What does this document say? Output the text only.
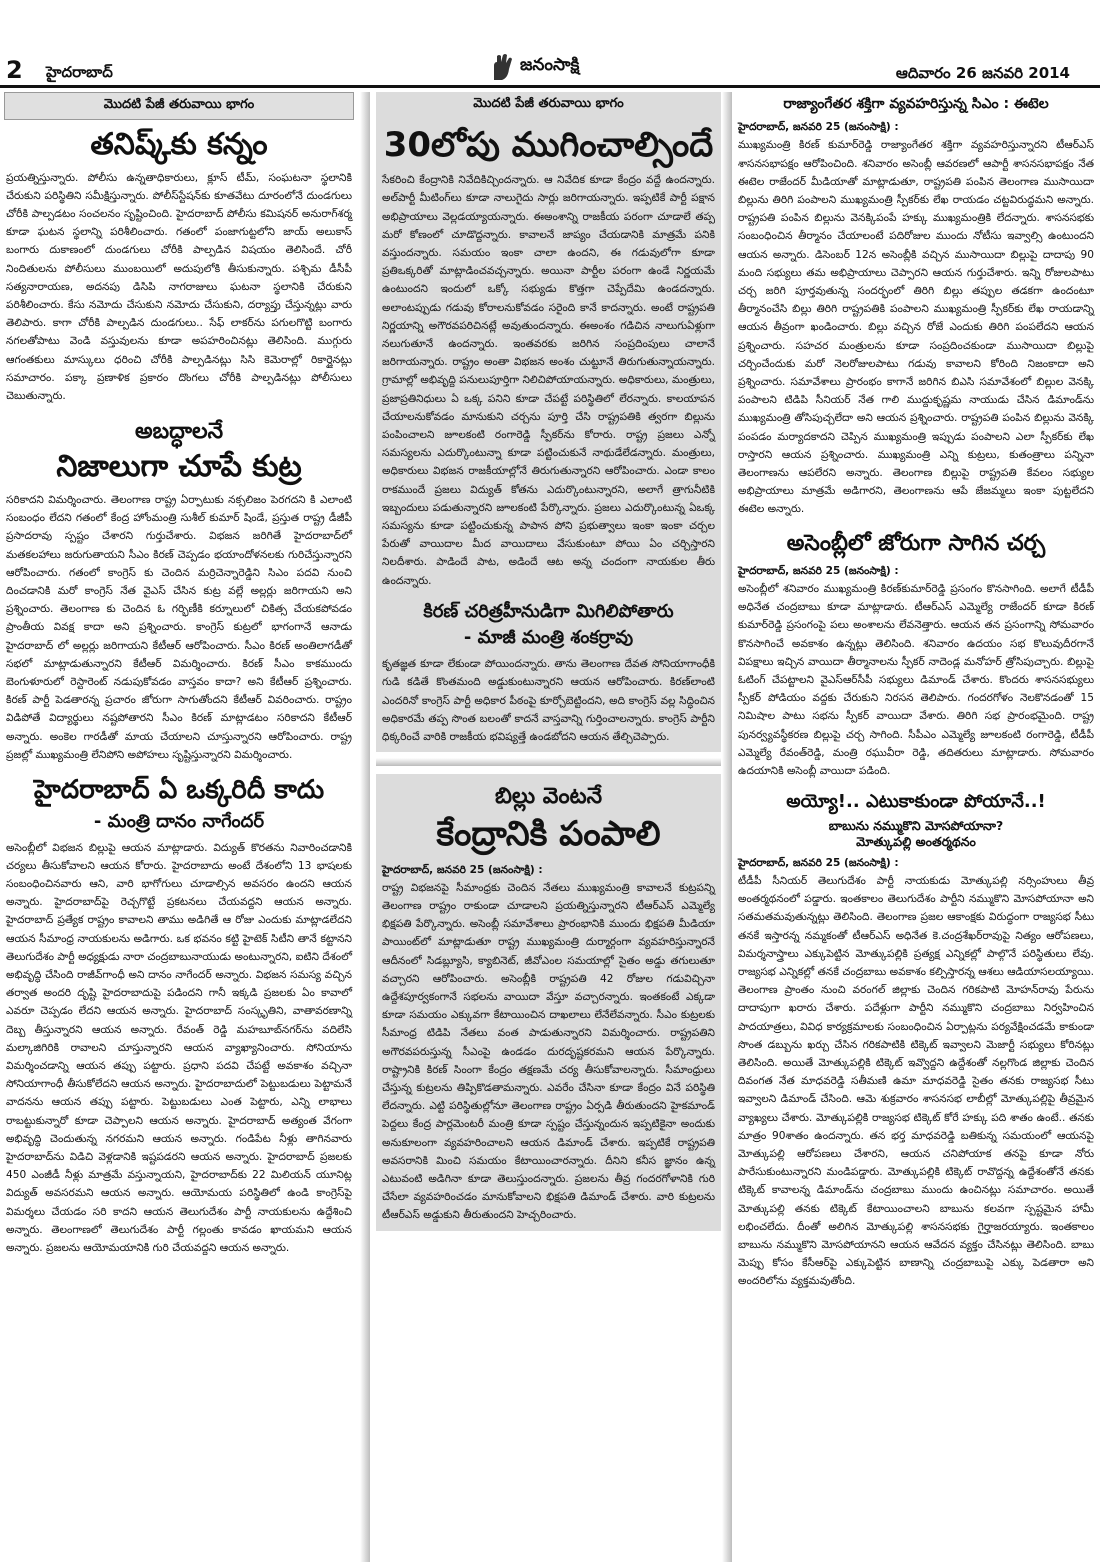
2 హైదరాబాద్	జనంసాక్షి	ఆదివారం 26 జనవరి 2014
మొదటి పేజీ తరువాయి భాగం
తనిష్క్‌కు కన్నం
ప్రయత్నిస్తున్నారు. పోలీసు ఉన్నతాధికారులు, క్లూస్ టీమ్, సంఘటనా స్థలానికి చేరుకుని పరిస్థితిని సమీక్షిస్తున్నారు. పోలీస్‌స్టేషన్‌కు కూతవేటు దూరంలోనే దుండగులు చోరీకి పాల్పడటం సంచలనం సృష్టించింది. హైదరాబాద్ పోలీసు కమిషనర్ అనురాగ్‌శర్మ కూడా ఘటన స్థలాన్ని పరిశీలించారు. గతంలో పంజాగుట్టలోని జాయ్ అలుకాస్ బంగారు దుకాణంలో దుండగులు చోరీకి పాల్పడిన విషయం తెలిసిందే. చోరీ నిందితులను పోలీసులు ముంబయిలో అదుపులోకి తీసుకున్నారు. పశ్చిమ డీసీపీ సత్యనారాయణ, అదనపు డిసిపి నాగరాజులు ఘటనా స్థలానికి చేరుకుని పరిశీలించారు. కేసు నమోదు చేసుకుని నమోదు చేసుకుని, దర్యాప్తు చేస్తున్నట్లు వారు తెలిపారు. కాగా చోరీకి పాల్పడిన దుండగులు.. సేఫ్ లాకర్‌ను పగులగొట్టి బంగారు నగలతోపాటు వెండి వస్తువులను కూడా అపహరించినట్లు తెలిసింది. ముగ్గురు ఆగంతకులు మాస్కులు ధరించి చోరీకి పాల్పడినట్లు సిసి కెమెరాల్లో రికార్డైనట్లు సమాచారం. పక్కా ప్రణాళిక ప్రకారం దొంగలు చోరీకి పాల్పడినట్లు పోలీసులు చెబుతున్నారు.
అబద్ధాలనే
నిజాలుగా చూపే కుట్ర
సరికాదని విమర్శించారు. తెలంగాణ రాష్ట్ర ఏర్పాటుకు నక్సలిజం పెరగదని కి ఎలాంటి సంబంధం లేదని గతంలో కేంద్ర హోంమంత్రి సుశీల్ కుమార్ షిండే, ప్రస్తుత రాష్ట్ర డీజీపీ ప్రసాదరావు స్పష్టం చేశారని గుర్తుచేశారు. విభజన జరిగితే హైదరాబాద్‌లో మతకలహాలు జరుగుతాయని సీఎం కిరణ్ చెప్పడం భయాందోళనలకు గురిచేస్తున్నారని ఆరోపించారు. గతంలో కాంగ్రెస్ కు చెందిన మర్రిచెన్నారెడ్డిని సిఎం పదవి నుంచి దించడానికి మరో కాంగ్రెస్ నేత వైఎస్ చేసిన కుట్ర వల్లే అల్లర్లు జరిగాయని అని ప్రశ్నించారు. తెలంగాణ కు చెందిన ఓ గర్భిణీకి కర్నూలులో చికిత్స చేయకపోవడం ప్రాంతీయ వివక్ష కాదా అని ప్రశ్నించారు. కాంగ్రెస్ కుట్రలో భాగంగానే ఆనాడు హైదరాబాద్ లో అల్లర్లు జరిగాయని కేటీఆర్ ఆరోపించారు. సీఎం కిరణ్ అంతిలాగడీతో సభలో మాట్లాడుతున్నారని కేటీఆర్ విమర్శించారు. కిరణ్ సీఎం కాకముందు బెంగుళూరులో రెస్టారెంట్ నడుపుకోవడం వాస్తవం కాదా? అని కేటీఆర్ ప్రశ్నించారు. కిరణ్ పార్టీ పెడతారన్న ప్రచారం జోరుగా సాగుతోందని కేటీఆర్ వివరించారు. రాష్ట్రం విడిపోతే విద్యార్థులు నష్టపోతారని సీఎం కిరణ్ మాట్లాడటం సరికాదని కేటీఆర్ అన్నారు. అంకెల గారడీతో మాయ చేయాలని చూస్తున్నారని ఆరోపించారు. రాష్ట్ర ప్రజల్లో ముఖ్యమంత్రి లేనిపోని అపోహలు సృష్టిస్తున్నారని విమర్శించారు.
హైదరాబాద్ ఏ ఒక్కరిదీ కాదు
- మంత్రి దానం నాగేందర్
అసెంబ్లీలో విభజన బిల్లుపై ఆయన మాట్లాడారు. విద్యుత్ కొరతను నివారించడానికి చర్యలు తీసుకోవాలని ఆయన కోరారు. హైదరాబాదు అంటే దేశంలోని 13 భాషలకు సంబంధించినవారు ఆని, వారి భాగోగులు చూడాల్సిన అవసరం ఉందని ఆయన అన్నారు. హైదరాబాద్‌పై రెచ్చగొట్టే ప్రకటనలు చేయవద్దని ఆయన అన్నారు. హైదరాబాద్ ప్రత్యేక రాష్ట్రం కావాలని తాము అడిగితే ఆ రోజు ఎందుకు మాట్లాడలేదని ఆయన సీమాంధ్ర నాయకులను అడిగారు. ఒక భవనం కట్టి హైటెక్ సిటీని తానే కట్టానని తెలుగుదేశం పార్టీ అధ్యక్షుడు నారా చంద్రబాబునాయుడు అంటున్నారని, ఐటిని దేశంలో అభివృద్ధి చేసింది రాజీవ్‌గాంధీ అని దానం నాగేందర్ అన్నారు. విభజన సమస్య వచ్చిన తర్వాత అందరి దృష్టి హైదరాబాదుపై పడిందని గానీ ఇక్కడి ప్రజలకు ఏం కావాలో ఎవరూ చెప్పడం లేదని ఆయన అన్నారు. హైదరాబాద్ సంస్కృతిని, వాతావరణాన్ని దెబ్బ తీస్తున్నారని ఆయన అన్నారు. రేవంత్ రెడ్డి మహబూబ్‌నగర్‌ను వదిలేసి మల్కాజిగిరికి రావాలని చూస్తున్నారని ఆయన వ్యాఖ్యానించారు. సోనియాను విమర్శించడాన్ని ఆయన తప్పు పట్టారు. ప్రధాని పదవి చేపట్టే అవకాశం వచ్చినా సోనియాగాంధీ తీసుకోలేదని ఆయన అన్నారు. హైదరాబాదులో పెట్టుబడులు పెట్టామనే వాదనను ఆయన తప్పు పట్టారు. పెట్టుబడులు ఎంత పెట్టారు, ఎన్ని లాభాలు రాబట్టుకున్నారో కూడా చెప్పాలని ఆయన అన్నారు. హైదరాబాద్ అత్యంత వేగంగా అభివృద్ధి చెందుతున్న నగరమని ఆయన అన్నారు. గండిపేట నీళ్లు తాగినవారు హైదరాబాద్‌ను విడిచి వెళ్లడానికి ఇష్టపడరని ఆయన అన్నారు. హైదరాబాద్ ప్రజలకు 450 ఎంజీడీ నీళ్లు మాత్రమే వస్తున్నాయని, హైదరాబాద్‌కు 22 మిలియన్ యూనిట్ల విద్యుత్ అవసరమని ఆయన అన్నారు. ఆయోమయ పరిస్థితిలో ఉండి కాంగ్రెస్‌పై విమర్శలు చేయడం సరి కాదని ఆయన తెలుగుదేశం పార్టీ నాయకులను ఉద్దేశించి అన్నారు. తెలంగాణలో తెలుగుదేశం పార్టీ గల్లంతు కావడం ఖాయమని ఆయన అన్నారు. ప్రజలను ఆయోమయానికి గురి చేయవద్దని ఆయన అన్నారు.
మొదటి పేజీ తరువాయి భాగం
30లోపు ముగించాల్సిందే
సేకరించి కేంద్రానికి నివేదికిచ్చిందన్నారు. ఆ నివేదిక కూడా కేంద్రం వద్దే ఉందన్నారు. అల్‌పార్టీ మీటింగ్‌లు కూడా నాలుగైదు సార్లు జరిగాయన్నారు. ఇప్పటికే పార్టీ పక్షాన అభిప్రాయాలు వెల్లడయ్యాయన్నారు. ఈఅంశాన్ని రాజకీయ పరంగా చూడాలే తప్ప మరో కోణంలో చూడొద్దన్నారు. కావాలనే జాప్యం చేయడానికి మాత్రమే పనికి వస్తుందన్నారు. సమయం ఇంకా చాలా ఉందని, ఈ గడువులోగా కూడా ప్రతిఒక్కరితో మాట్లాడించవచ్చన్నారు. అయినా పార్టీల పరంగా ఉండే నిర్ణయమే ఉంటుందని ఇందులో ఒక్కో సభ్యుడు కొత్తగా చెప్పేదేమి ఉండదన్నారు. అలాంటప్పుడు గడువు కోరాలనుకోవడం సరైంది కానే కాదన్నారు. అంటే రాష్ట్రపతి నిర్ణయాన్ని అగౌరవపరిచినట్లే అవుతుందన్నారు. ఈఅంశం గడిచిన నాలుగుఏళ్లుగా నలుగుతూనే ఉందన్నారు. ఇంతవరకు జరిగిన సంప్రదింపులు చాలానే జరిగాయన్నారు. రాష్ట్రం అంతా విభజన అంశం చుట్టూనే తిరుగుతున్నాయన్నారు. గ్రామాల్లో అభివృద్ది పనులుపూర్తిగా నిలిచిపోయాయన్నారు. అధికారులు, మంత్రులు, ప్రజాప్రతినిధులు ఏ ఒక్క పనిని కూడా చేపట్టే పరిస్థితిలో లేరన్నారు. కాలయాపన చేయాలనుకోవడం మానుకుని చర్చను పూర్తి చేసి రాష్ట్రపతికి త్వరగా బిల్లును పంపించాలని జూలకంటి రంగారెడ్డి స్పీకర్‌ను కోరారు. రాష్ట్ర ప్రజలు ఎన్నో సమస్యలను ఎదుర్కొంటున్నా కూడా పట్టించుకునే నాథుడేలేడన్నారు. మంత్రులు, అధికారులు విభజన రాజకీయాల్లోనే తిరుగుతున్నారని ఆరోపించారు. ఎండా కాలం రాకముందే ప్రజలు విద్యుత్ కోతను ఎదుర్కొంటున్నారని, అలాగే త్రాగునీటికి ఇబ్బందులు పడుతున్నారని జూలకంటి పేర్కొన్నారు. ప్రజలు ఎదుర్కొంటున్న ఏఒక్క సమస్యను కూడా పట్టించుకున్న పాపాన పోని ప్రభుత్వాలు ఇంకా ఇంకా చర్చల పేరుతో వాయిదాల మీద వాయిదాలు వేసుకుంటూ పోయి ఏం చర్చిస్తారని నిలదీశారు. పాడిందే పాట, అడిందే ఆట అన్న చందంగా నాయకుల తీరు ఉందన్నారు.
కిరణ్ చరిత్రహీనుడిగా మిగిలిపోతారు
- మాజీ మంత్రి శంకర్రావు
కృతజ్ఞత కూడా లేకుండా పోయిందన్నారు. తాను తెలంగాణ దేవత సోనియాగాంధీకి గుడి కడితే కొంతమంది అడ్డుకుంటున్నారని ఆయన ఆరోపించారు. కిరణ్‌లాంటి ఎందరినో కాంగ్రెస్ పార్టీ అధికార పీఠంపై కూర్చోబెట్టిందని, అది కాంగ్రెస్ వల్ల సిద్ధించిన అధికారమే తప్ప సొంత బలంతో కాదనే వాస్తవాన్ని గుర్తించాలన్నారు. కాంగ్రెస్ పార్టీని ధిక్కరించే వారికి రాజకీయ భవిష్యత్తే ఉండబోదని ఆయన తేల్చిచెప్పారు.
బిల్లు వెంటనే
కేంద్రానికి పంపాలి
హైదరాబాద్, జనవరి 25 (జనంసాక్షి) :
రాష్ట్ర విభజనపై సీమాంధ్రకు చెందిన నేతలు ముఖ్యమంత్రి కావాలనే కుట్రపన్ని తెలంగాణ రాష్ట్రం రాకుండా చూడాలని ప్రయత్నిస్తున్నారని టీఆర్‌ఎస్ ఎమ్మెల్యే భిక్షపతి పేర్కొన్నారు. అసెంబ్లీ సమావేశాలు ప్రారంభానికి ముందు భిక్షపతి మీడియా పాయింట్‌లో మాట్లాడుతూ రాష్ట్ర ముఖ్యమంత్రి దుర్మార్గంగా వ్యవహరిస్తున్నారనే ఆదీనంలో సిడబ్ల్యూసి, క్యాబినెట్, జీవోఎంల సమయాల్లో సైతం అడ్డు తగులుతూ వచ్చారని ఆరోపించారు. అసెంబ్లీకి రాష్ట్రపతి 42 రోజుల గడువిచ్చినా ఉద్దేశపూర్వకంగానే సభలను వాయిదా వేస్తూ వచ్చారన్నారు. ఇంతకంటే ఎక్కడా కూడా సమయం ఎక్కువగా కేటాయించిన దాఖలాలు లేనేలేవన్నారు. సీఎం కుట్రలకు సీమాంధ్ర టిడిపి నేతలు వంత పాడుతున్నారని విమర్శించారు. రాష్ట్రపతిని అగౌరవపరుస్తున్న సీఎంపై ఉండడం దురదృష్టకరమని ఆయన పేర్కొన్నారు. రాష్ట్రానికి కిరణ్ సింంగా కేంద్రం తక్షణమే చర్య తీసుకోవాలన్నారు. సీమాంధ్రులు చేస్తున్న కుట్రలను తిప్పికొడతామన్నారు. ఎవరేం చేసినా కూడా కేంద్రం వినే పరిస్థితి లేదన్నారు. ఎట్టి పరిస్థితుల్లోనూ తెలంగాణ రాష్ట్రం ఏర్పడి తీరుతుందని హైకమాండ్ పెద్దలు కేంద్ర పార్లమెంటరీ మంత్రి కూడా స్పష్టం చేస్తున్నందున ఇప్పటికైనా అందుకు అనుకూలంగా వ్యవహరించాలని ఆయన డిమాండ్ చేశారు. ఇప్పటికే రాష్ట్రపతి అవసరానికి మించి సమయం కేటాయించారన్నారు. దీనిని కనీస జ్ఞానం ఉన్న ఎటువంటి అడిగినా కూడా తెలుస్తుందన్నారు. ప్రజలను తీవ్ర గందరగోళానికి గురి చేసేలా వ్యవహరించడం మానుకోవాలని భిక్షపతి డిమాండ్ చేశారు. వారి కుట్రలను టీఆర్‌ఎస్ అడ్డుకుని తీరుతుందని హెచ్చరించారు.
రాజ్యాంగేతర శక్తిగా వ్యవహరిస్తున్న సిఎం : ఈటెల
హైదరాబాద్, జనవరి 25 (జనంసాక్షి) :
ముఖ్యమంత్రి కిరణ్ కుమార్‌రెడ్డి రాజ్యాంగేతర శక్తిగా వ్యవహరిస్తున్నారని టీఆర్‌ఎస్ శాసనసభాపక్షం ఆరోపించింది. శనివారం అసెంబ్లీ ఆవరణలో ఆపార్టీ శాసనసభాపక్షం నేత ఈటెల రాజేందర్ మీడియాతో మాట్లాడుతూ, రాష్ట్రపతి పంపిన తెలంగాణ ముసాయిదా బిల్లును తిరిగి పంపాలని ముఖ్యమంత్రి స్పీకర్‌కు లేఖ రాయడం చట్టవిరుద్ధమని అన్నారు. రాష్ట్రపతి పంపిన బిల్లును వెనక్కిపంపే హక్కు ముఖ్యమంత్రికి లేదన్నారు. శాసనసభకు సంబంధించిన తీర్మానం చేయాలంటే పదిరోజుల ముందు నోటీసు ఇవ్వాల్సి ఉంటుందని ఆయన అన్నారు. డిసెంబర్ 12న అసెంబ్లీకి వచ్చిన ముసాయిదా బిల్లుపై దాదాపు 90 మంది సభ్యులు తమ అభిప్రాయాలు చెప్పారని ఆయన గుర్తుచేశారు. ఇన్ని రోజులపాటు చర్చ జరిగి పూర్తవుతున్న సందర్భంలో తిరిగి బిల్లు తప్పుల తడకగా ఉందంటూ తీర్మానంచేసి బిల్లు తిరిగి రాష్ట్రపతికి పంపాలని ముఖ్యమంత్రి స్పీకర్‌కు లేఖ రాయడాన్ని ఆయన తీవ్రంగా ఖండించారు. బిల్లు వచ్చిన రోజే ఎందుకు తిరిగి పంపలేదని ఆయన ప్రశ్నించారు. సహచర మంత్రులను కూడా సంప్రదించకుండా ముసాయిదా బిల్లుపై చర్చించేందుకు మరో నెలరోజులపాటు గడువు కావాలని కోరింది నిజంకాదా అని ప్రశ్నించారు. సమావేశాలు ప్రారంభం కాగానే జరిగిన బిఎసి సమావేశంలో బిల్లుల వెనక్కి పంపాలని టిడిపి సీనియర్ నేత గాలి ముద్దుకృష్ణమ నాయుడు చేసిన డిమాండ్‌ను ముఖ్యమంత్రి తోసిపుచ్చలేదా అని ఆయన ప్రశ్నించారు. రాష్ట్రపతి పంపిన బిల్లును వెనక్కి పంపడం మర్యాదకాదని చెప్పిన ముఖ్యమంత్రి ఇప్పుడు పంపాలని ఎలా స్పీకర్‌కు లేఖ రాస్తారని ఆయన ప్రశ్నించారు. ముఖ్యమంత్రి ఎన్ని కుట్రలు, కుతంత్రాలు పన్నినా తెలంగాణను ఆపలేరని అన్నారు. తెలంగాణ బిల్లుపై రాష్ట్రపతి కేవలం సభ్యుల అభిప్రాయాలు మాత్రమే అడిగారని, తెలంగాణను ఆపే జేజమ్మలు ఇంకా పుట్టలేదని ఈటెల అన్నారు.
అసెంబ్లీలో జోరుగా సాగిన చర్చ
హైదరాబాద్, జనవరి 25 (జనంసాక్షి) :
అసెంబ్లీలో శనివారం ముఖ్యమంత్రి కిరణ్‌కుమార్‌రెడ్డి ప్రసంగం కొనసాగింది. అలాగే టీడీపీ అధినేత చంద్రబాబు కూడా మాట్లాడారు. టీఆర్‌ఎస్ ఎమ్మెల్యే రాజేందర్ కూడా కిరణ్ కుమార్‌రెడ్డి ప్రసంగంపై పలు అంశాలను లేవనెత్తారు. ఆయన తన ప్రసంగాన్ని సోమవారం కొనసాగించే అవకాశం ఉన్నట్లు తెలిసింది. శనివారం ఉదయం సభ కొలువుదీరగానే విపక్షాలు ఇచ్చిన వాయిదా తీర్మానాలను స్పీకర్ నాదెండ్ల మనోహర్ త్రోసిపుచ్చారు. బిల్లుపై ఓటింగ్ చేపట్టాలని వైఎస్‌ఆర్‌సీపీ సభ్యులు డిమాండ్ చేశారు. కొందరు శాసనసభ్యులు స్పీకర్ పోడియం వద్దకు చేరుకుని నిరసన తెలిపారు. గందరగోళం నెలకొనడంతో 15 నిమిషాల పాటు సభను స్పీకర్ వాయిదా వేశారు. తిరిగి సభ ప్రారంభమైంది. రాష్ట్ర పునర్వ్యవస్థీకరణ బిల్లుపై చర్చ సాగింది. సీపీఎం ఎమ్మెల్యే జూలకంటి రంగారెడ్డి, టీడీపీ ఎమ్మెల్యే రేవంత్‌రెడ్డి, మంత్రి రఘువీరా రెడ్డి, తదితరులు మాట్లాడారు. సోమవారం ఉదయానికి అసెంబ్లీ వాయిదా పడింది.
అయ్యో!.. ఎటుకాకుండా పోయానే..!
బాబును నమ్ముకొని మోసపోయానా?
మోత్కుపల్లి అంతర్మథనం
హైదరాబాద్, జనవరి 25 (జనంసాక్షి) :
టీడీపీ సీనియర్ తెలుగుదేశం పార్టీ నాయకుడు మోత్కుపల్లి నర్సింహులు తీవ్ర అంతర్మథనంలో పడ్డారు. ఇంతకాలం తెలుగుదేశం పార్టీని నమ్ముకొని మోసపోయానా అని సతమతమవుతున్నట్లు తెలిసింది. తెలంగాణ ప్రజల ఆకాంక్షకు విరుద్ధంగా రాజ్యసభ సీటు తనకే ఇస్తారన్న నమ్మకంతో టీఆర్‌ఎస్ అధినేత కె.చంద్రశేఖర్‌రావుపై నిత్యం ఆరోపణలు, విమర్శనాస్త్రాలు ఎక్కుపెట్టిన మోత్కుపల్లికి ప్రత్యక్ష ఎన్నికల్లో పాల్గొనే పరిస్థితులు లేవు. రాజ్యసభ ఎన్నికల్లో తనకే చంద్రబాబు అవకాశం కల్పిస్తారన్న ఆశలు ఆడియాసలయ్యాయి. తెలంగాణ ప్రాంతం నుంచి వరంగల్ జిల్లాకు చెందిన గరికపాటి మోహన్‌రావు పేరును దాదాపుగా ఖరారు చేశారు. పదేళ్లుగా పార్టీని నమ్ముకొని చంద్రబాబు నిర్వహించిన పాదయాత్రలు, వివిధ కార్యక్రమాలకు సంబంధించిన ఏర్పాట్లను పర్యవేక్షించడమే కాకుండా సొంత డబ్బును ఖర్చు చేసిన గరికపాటికి టిక్కెట్ ఇవ్వాలని మెజార్టీ సభ్యులు కోరినట్లు తెలిసింది. అయితే మోత్కుపల్లికి టిక్కెట్ ఇవ్వొద్దని ఉద్దేశంతో నల్లగొండ జిల్లాకు చెందిన దివంగత నేత మాధవరెడ్డి సతీమణి ఉమా మాధవరెడ్డి సైతం తనకు రాజ్యసభ సీటు ఇవ్వాలని డిమాండ్ చేసింది. ఆమె శుక్రవారం శాసనసభ లాబీల్లో మోత్కుపల్లిపై తీవ్రమైన వ్యాఖ్యలు చేశారు. మోత్కుపల్లికి రాజ్యసభ టిక్కెట్ కోరే హక్కు పది శాతం ఉంటే.. తనకు మాత్రం 90శాతం ఉందన్నారు. తన భర్త మాధవరెడ్డి బతికున్న సమయంలో ఆయనపై మోత్కుపల్లి ఆరోపణలు చేశారని, ఆయన చనిపోయాక తనపై కూడా నోరు పారేసుకుంటున్నారని మండిపడ్డారు. మోత్కుపల్లికి టిక్కెట్ రావొద్దన్న ఉద్దేశంతోనే తనకు టిక్కెట్ కావాలన్న డిమాండ్‌ను చంద్రబాబు ముందు ఉంచినట్లు సమాచారం. అయితే మోత్కుపల్లి తనకు టిక్కెట్ కేటాయించాలని బాబును కలవగా స్పష్టమైన హామీ లభించలేదు. దీంతో అలిగిన మోత్కుపల్లి శాసనసభకు గైర్హాజరయ్యారు. ఇంతకాలం బాబును నమ్ముకొని మోసపోయానని ఆయన ఆవేదన వ్యక్తం చేసినట్లు తెలిసింది. బాబు మెప్పు కోసం కేసీఆర్‌పై ఎక్కుపెట్టిన బాణాన్ని చంద్రబాబుపై ఎక్కు పెడతారా అని అందరిలోను వ్యక్తమవుతోంది.
